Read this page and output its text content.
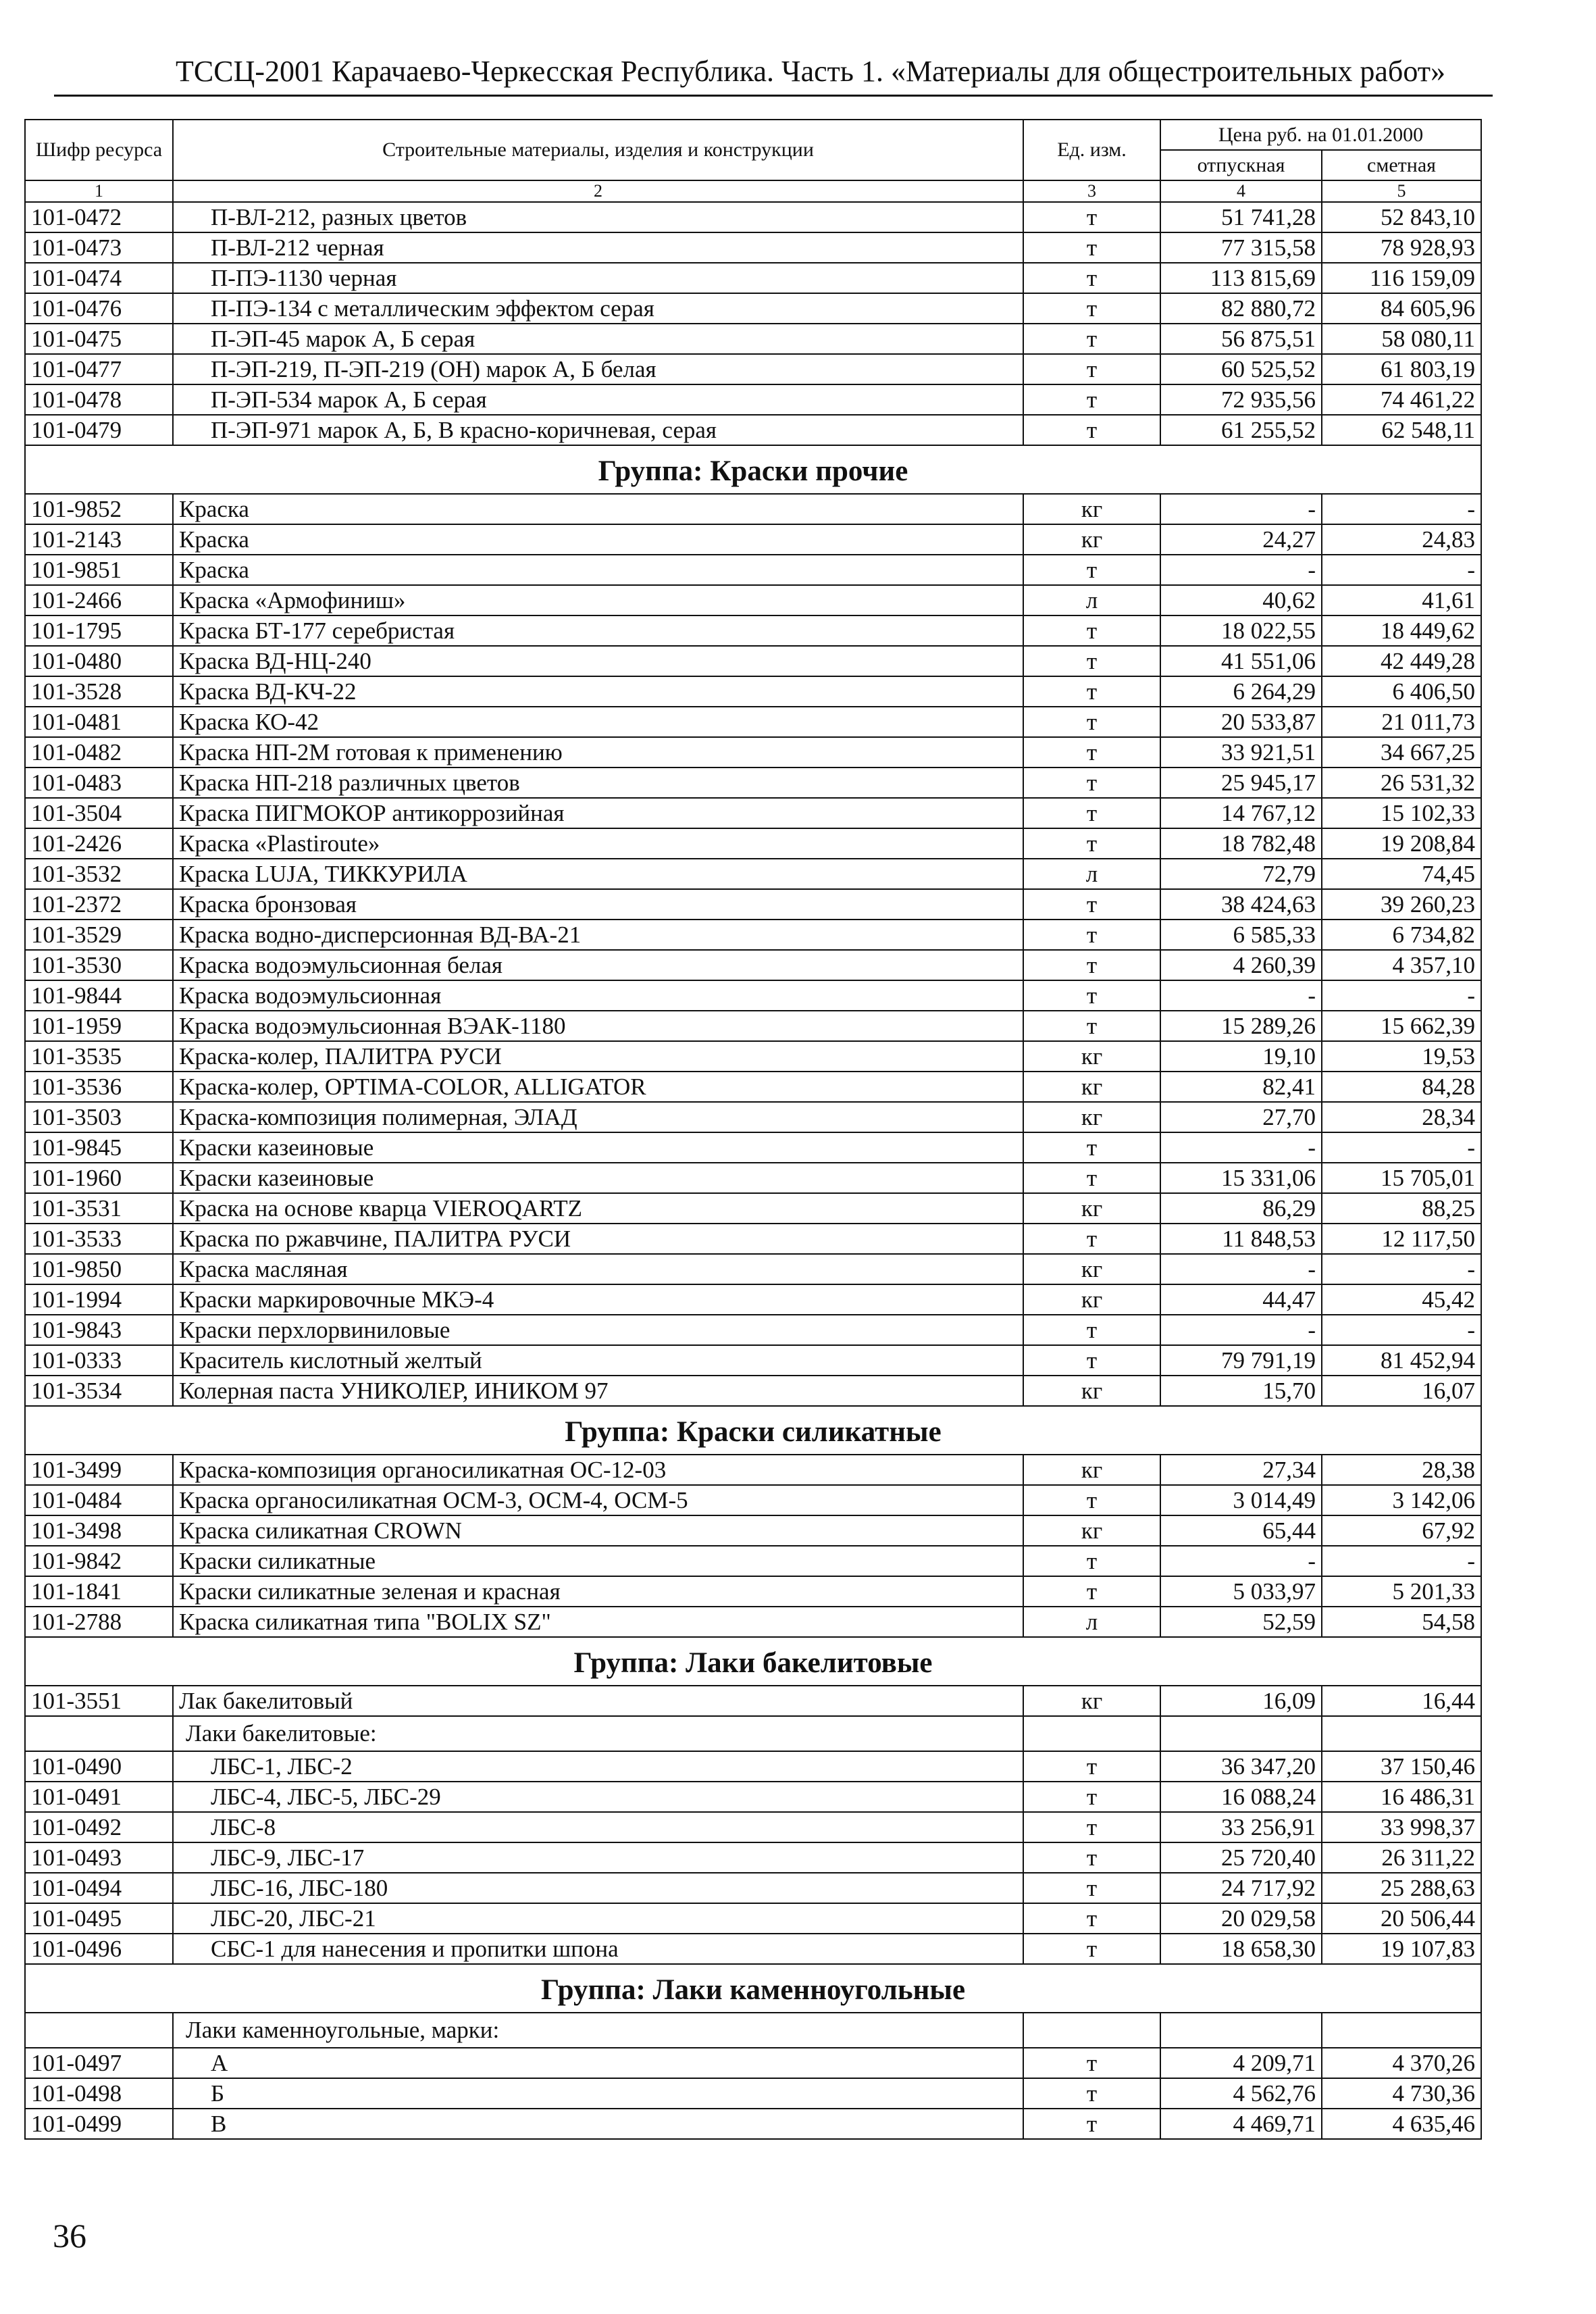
ТССЦ-2001 Карачаево-Черкесская Республика. Часть 1. «Материалы для общестроительных работ»
Шифр ресурса	Строительные материалы, изделия и конструкции	Ед. изм.	Цена руб. на 01.01.2000	
			отпускная	сметная
1	2	3	4	5
101-0472	П-ВЛ-212, разных цветов	т	51 741,28	52 843,10
101-0473	П-ВЛ-212 черная	т	77 315,58	78 928,93
101-0474	П-ПЭ-1130 черная	т	113 815,69	116 159,09
101-0476	П-ПЭ-134 с металлическим эффектом серая	т	82 880,72	84 605,96
101-0475	П-ЭП-45 марок А, Б серая	т	56 875,51	58 080,11
101-0477	П-ЭП-219, П-ЭП-219 (ОН) марок А, Б белая	т	60 525,52	61 803,19
101-0478	П-ЭП-534 марок А, Б серая	т	72 935,56	74 461,22
101-0479	П-ЭП-971 марок А, Б, В красно-коричневая, серая	т	61 255,52	62 548,11
Группа: Краски прочие				
101-9852	Краска	кг	-	-
101-2143	Краска	кг	24,27	24,83
101-9851	Краска	т	-	-
101-2466	Краска «Армофиниш»	л	40,62	41,61
101-1795	Краска БТ-177 серебристая	т	18 022,55	18 449,62
101-0480	Краска ВД-НЦ-240	т	41 551,06	42 449,28
101-3528	Краска ВД-КЧ-22	т	6 264,29	6 406,50
101-0481	Краска КО-42	т	20 533,87	21 011,73
101-0482	Краска НП-2М готовая к применению	т	33 921,51	34 667,25
101-0483	Краска НП-218 различных цветов	т	25 945,17	26 531,32
101-3504	Краска ПИГМОКОР антикоррозийная	т	14 767,12	15 102,33
101-2426	Краска «Plastiroute»	т	18 782,48	19 208,84
101-3532	Краска LUJA, ТИККУРИЛА	л	72,79	74,45
101-2372	Краска бронзовая	т	38 424,63	39 260,23
101-3529	Краска водно-дисперсионная ВД-ВА-21	т	6 585,33	6 734,82
101-3530	Краска водоэмульсионная белая	т	4 260,39	4 357,10
101-9844	Краска водоэмульсионная	т	-	-
101-1959	Краска водоэмульсионная ВЭАК-1180	т	15 289,26	15 662,39
101-3535	Краска-колер, ПАЛИТРА РУСИ	кг	19,10	19,53
101-3536	Краска-колер, OPTIMA-COLOR, ALLIGATOR	кг	82,41	84,28
101-3503	Краска-композиция полимерная, ЭЛАД	кг	27,70	28,34
101-9845	Краски казеиновые	т	-	-
101-1960	Краски казеиновые	т	15 331,06	15 705,01
101-3531	Краска на основе кварца VIEROQARTZ	кг	86,29	88,25
101-3533	Краска по ржавчине, ПАЛИТРА РУСИ	т	11 848,53	12 117,50
101-9850	Краска масляная	кг	-	-
101-1994	Краски маркировочные МКЭ-4	кг	44,47	45,42
101-9843	Краски перхлорвиниловые	т	-	-
101-0333	Краситель кислотный желтый	т	79 791,19	81 452,94
101-3534	Колерная паста УНИКОЛЕР, ИНИКОМ 97	кг	15,70	16,07
Группа: Краски силикатные				
101-3499	Краска-композиция органосиликатная ОС-12-03	кг	27,34	28,38
101-0484	Краска органосиликатная ОСМ-3, ОСМ-4, ОСМ-5	т	3 014,49	3 142,06
101-3498	Краска силикатная CROWN	кг	65,44	67,92
101-9842	Краски силикатные	т	-	-
101-1841	Краски силикатные зеленая и красная	т	5 033,97	5 201,33
101-2788	Краска силикатная типа "BOLIX SZ"	л	52,59	54,58
Группа: Лаки бакелитовые				
101-3551	Лак бакелитовый	кг	16,09	16,44
	Лаки бакелитовые:			
101-0490	ЛБС-1, ЛБС-2	т	36 347,20	37 150,46
101-0491	ЛБС-4, ЛБС-5, ЛБС-29	т	16 088,24	16 486,31
101-0492	ЛБС-8	т	33 256,91	33 998,37
101-0493	ЛБС-9, ЛБС-17	т	25 720,40	26 311,22
101-0494	ЛБС-16, ЛБС-180	т	24 717,92	25 288,63
101-0495	ЛБС-20, ЛБС-21	т	20 029,58	20 506,44
101-0496	СБС-1 для нанесения и пропитки шпона	т	18 658,30	19 107,83
Группа: Лаки каменноугольные				
	Лаки каменноугольные, марки:			
101-0497	А	т	4 209,71	4 370,26
101-0498	Б	т	4 562,76	4 730,36
101-0499	В	т	4 469,71	4 635,46
36
